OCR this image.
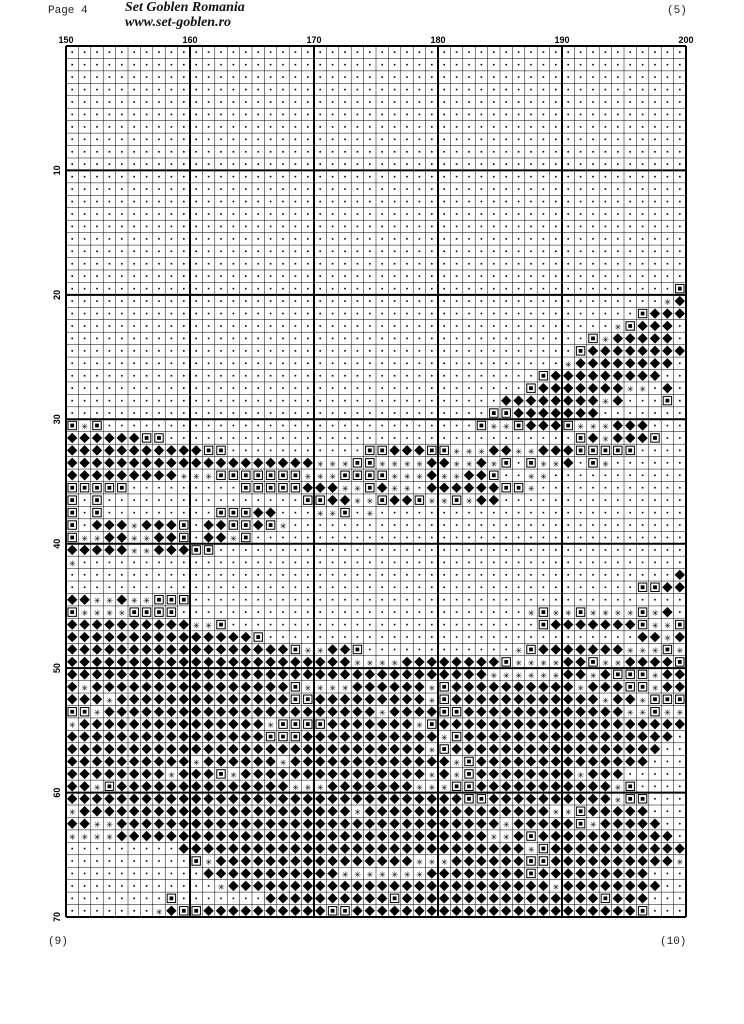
Page 4	Set Goblen Romania
www.set-goblen.ro
(5)
150	160	170	180	190	200
10
20
30
40
50
60
70
✳
✳
✳
✳
✳ ✳
✳
✳	✳ ✳	✳ ✳ ✳
✳
✳ ✳ ✳	✳ ✳
✳ ✳ ✳	✳ ✳ ✳ ✳	✳ ✳ ✳	✳ ✳	✳
✳ ✳ ✳	✳ ✳ ✳	✳ ✳ ✳ ✳ ✳	✳ ✳
✳ ✳	✳ ✳	✳
✳ ✳	✳ ✳ ✳
✳ ✳	✳
✳	✳
✳ ✳	✳ ✳	✳
✳ ✳
✳
✳ ✳ ✳ ✳
✳ ✳ ✳ ✳	✳ ✳ ✳ ✳ ✳ ✳ ✳ ✳
✳ ✳	✳ ✳
✳
✳ ✳	✳	✳ ✳ ✳ ✳
✳ ✳ ✳ ✳	✳ ✳ ✳ ✳	✳ ✳
✳ ✳ ✳ ✳ ✳ ✳	✳	✳
✳	✳ ✳ ✳ ✳	✳	✳	✳
✳	✳	✳	✳
✳	✳	✳ ✳ ✳ ✳
✳	✳	✳
✳
✳
✳	✳	✳
✳	✳	✳ ✳	✳
✳	✳ ✳ ✳	✳ ✳ ✳	✳
✳
✳	✳	✳ ✳
✳ ✳	✳	✳
✳ ✳ ✳ ✳	✳ ✳
✳
✳	✳ ✳ ✳	✳
✳ ✳ ✳ ✳ ✳ ✳ ✳
✳	✳
✳
(9)	(10)
